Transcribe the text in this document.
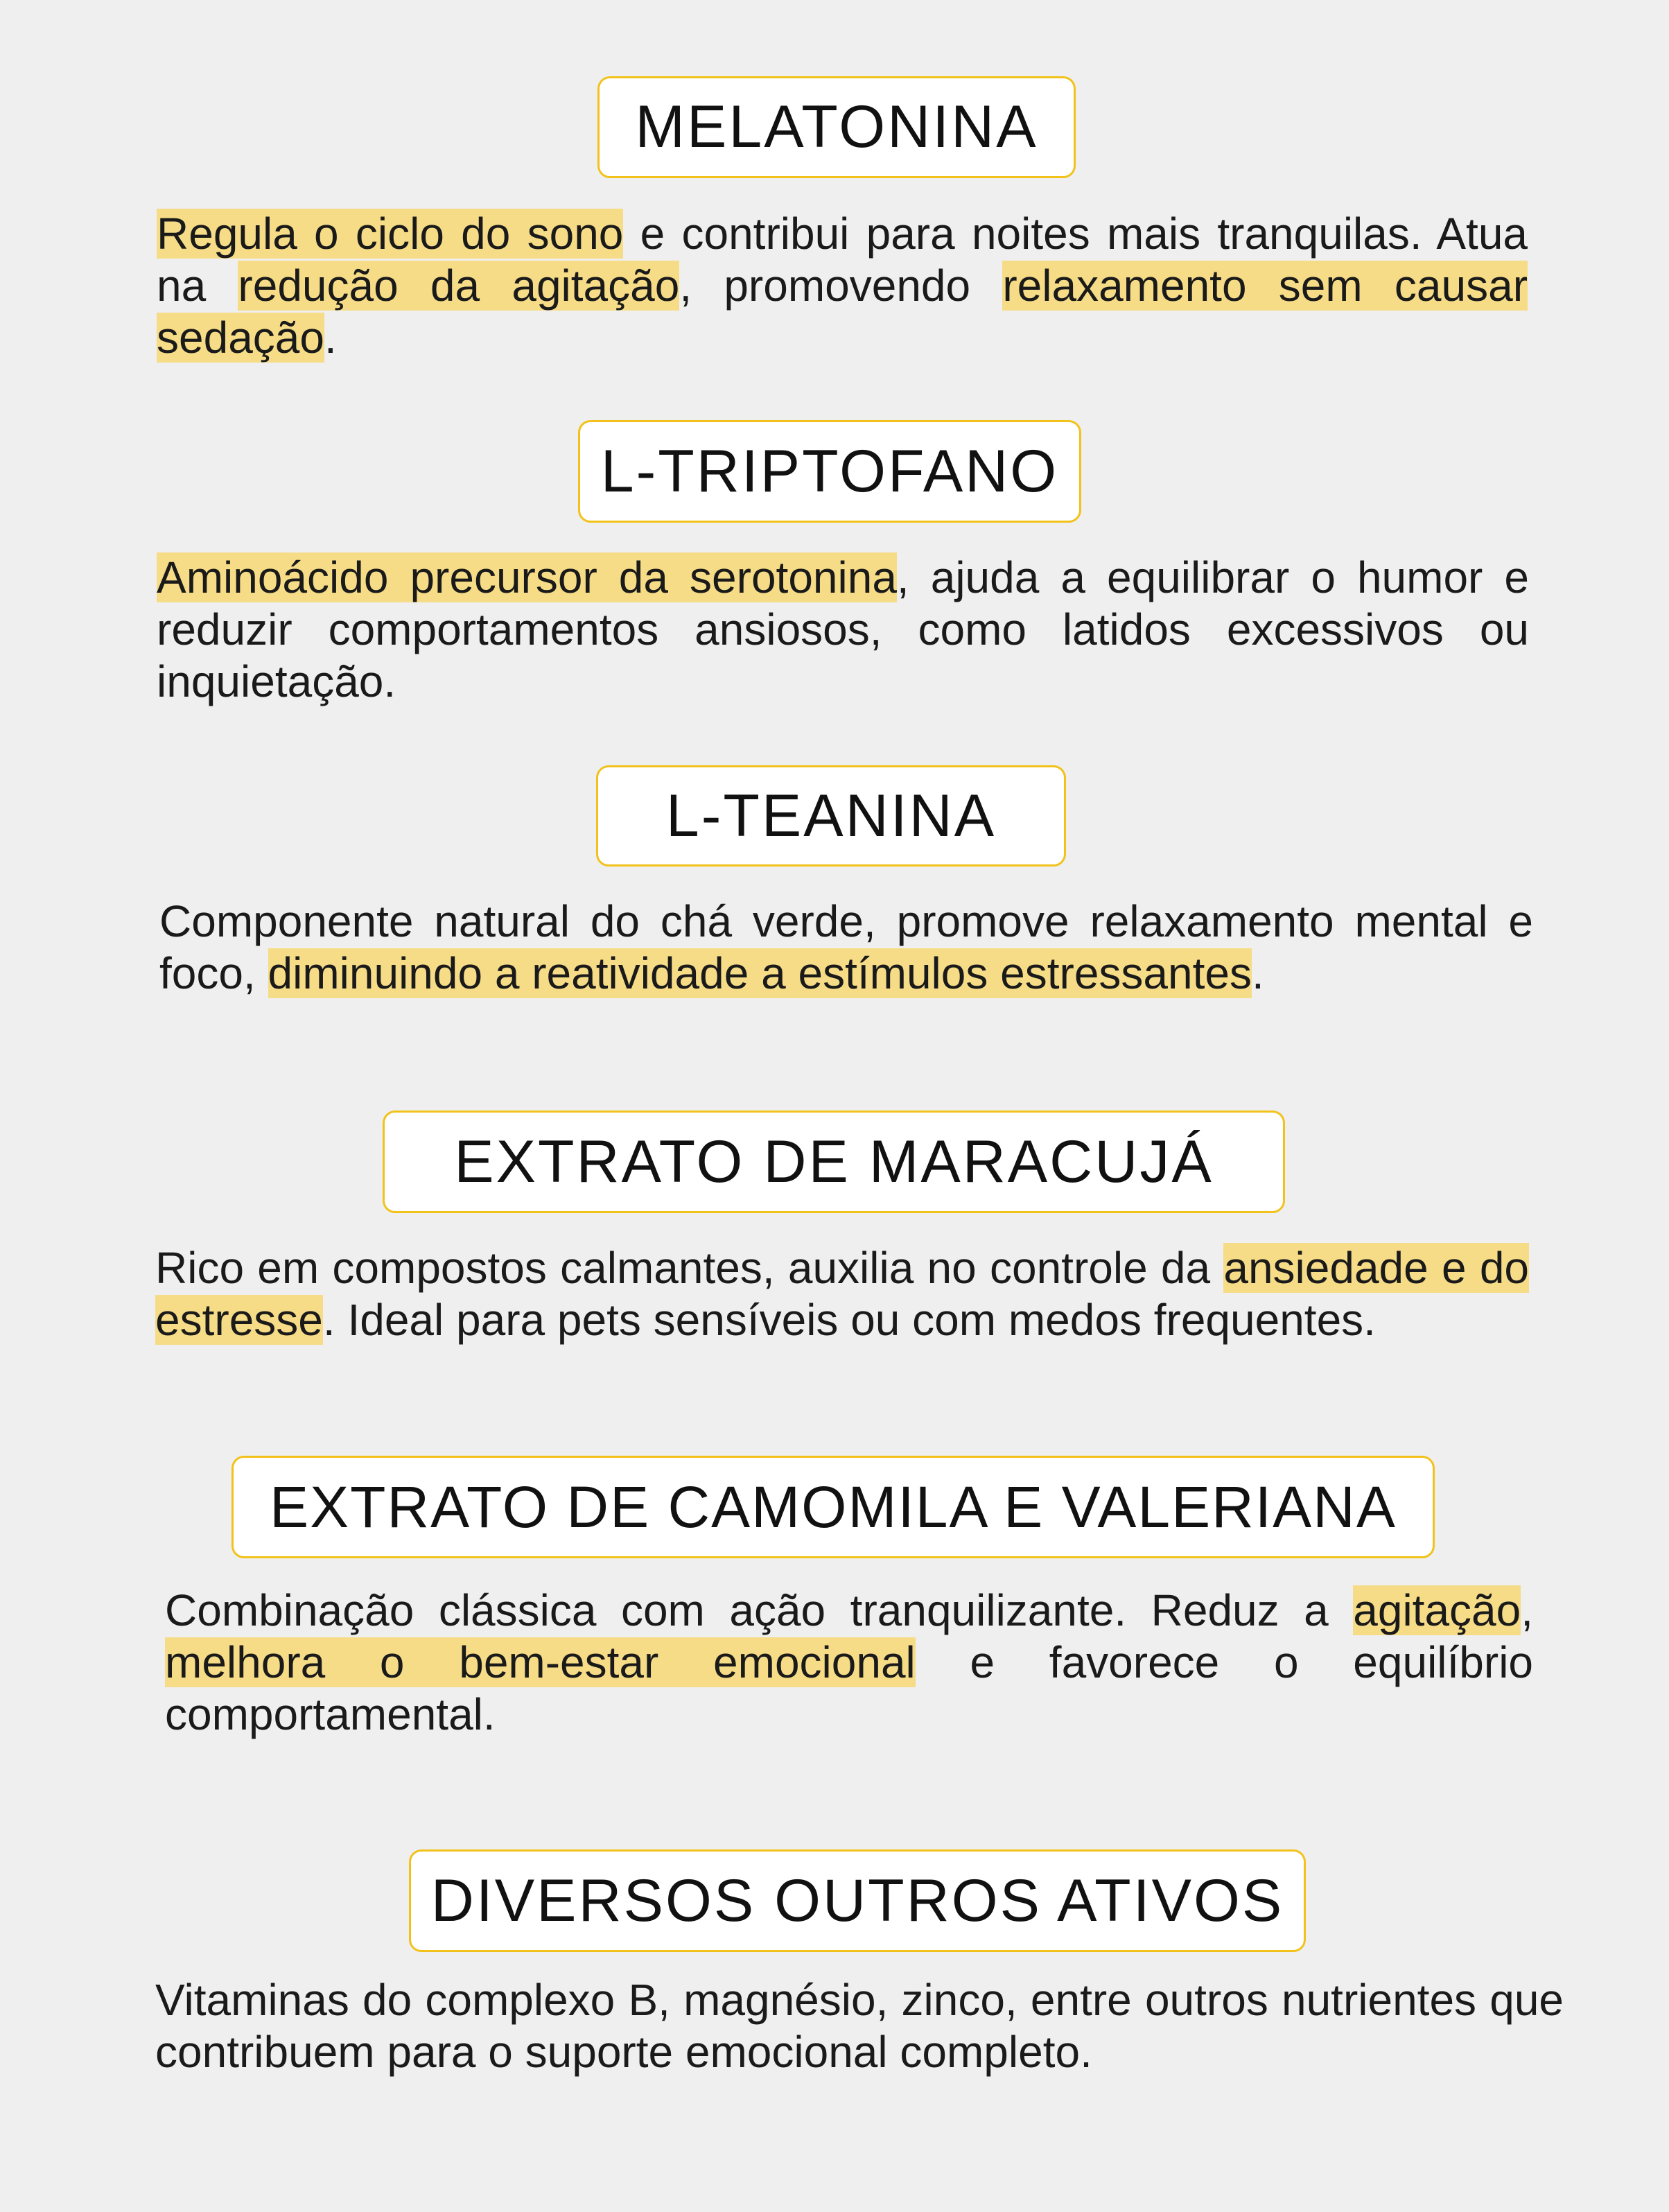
MELATONINA

Regula o ciclo do sono e contribui para noites mais tranquilas. Atua na redução da agitação, promovendo relaxamento sem causar sedação.

L-TRIPTOFANO

Aminoácido precursor da serotonina, ajuda a equilibrar o humor e reduzir comportamentos ansiosos, como latidos excessivos ou inquietação.

L-TEANINA

Componente natural do chá verde, promove relaxamento mental e foco, diminuindo a reatividade a estímulos estressantes.

EXTRATO DE MARACUJÁ

Rico em compostos calmantes, auxilia no controle da ansiedade e do estresse. Ideal para pets sensíveis ou com medos frequentes.

EXTRATO DE CAMOMILA E VALERIANA

Combinação clássica com ação tranquilizante. Reduz a agitação, melhora o bem-estar emocional e favorece o equilíbrio comportamental.

DIVERSOS OUTROS ATIVOS

Vitaminas do complexo B, magnésio, zinco, entre outros nutrientes que contribuem para o suporte emocional completo.
